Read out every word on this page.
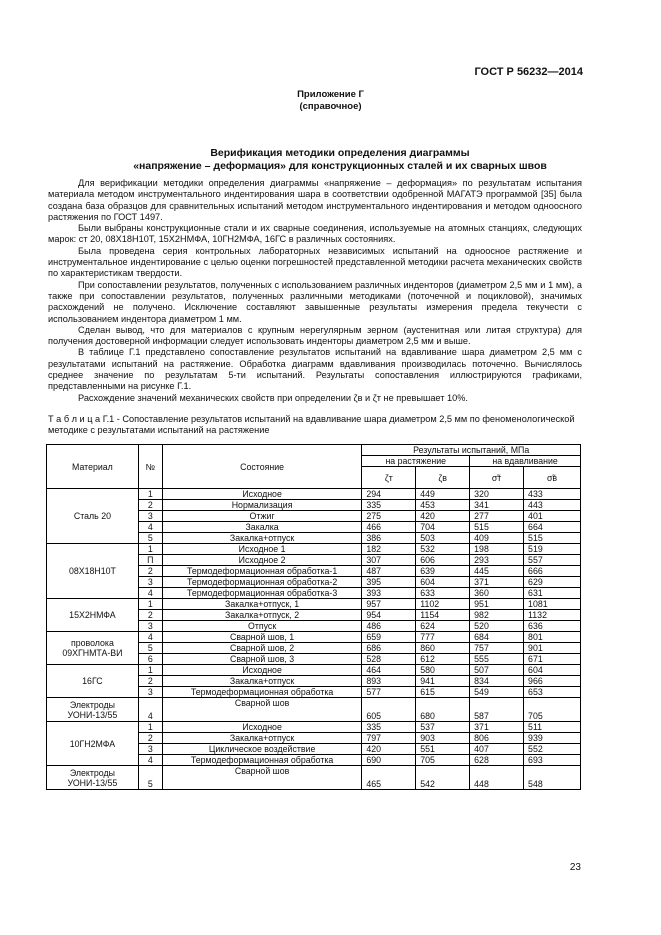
ГОСТ Р 56232—2014
Приложение Г
(справочное)
Верификация методики определения диаграммы
«напряжение – деформация» для конструкционных сталей и их сварных швов

Для верификации методики определения диаграммы «напряжение – деформация» по результатам испытания материала методом инструментального индентирования шара в соответствии одобренной МАГАТЭ программой [35] была создана база образцов для сравнительных испытаний методом инструментального индентирования и методом одноосного растяжения по ГОСТ 1497.

Были выбраны конструкционные стали и их сварные соединения, используемые на атомных станциях, следующих марок: ст 20, 08Х18Н10Т, 15Х2НМФА, 10ГН2МФА, 16ГС в различных состояниях.

Была проведена серия контрольных лабораторных независимых испытаний на одноосное растяжение и инструментальное индентирование с целью оценки погрешностей представленной методики расчета механических свойств по характеристикам твердости.

При сопоставлении результатов, полученных с использованием различных инденторов (диаметром 2,5 мм и 1 мм), а также при сопоставлении результатов, полученных различными методиками (поточечной и поцикловой), значимых расхождений не получено. Исключение составляют завышенные результаты измерения предела текучести с использованием индентора диаметром 1 мм.

Сделан вывод, что для материалов с крупным нерегулярным зерном (аустенитная или литая структура) для получения достоверной информации следует использовать инденторы диаметром 2,5 мм и выше.

В таблице Г.1 представлено сопоставление результатов испытаний на вдавливание шара диаметром 2,5 мм с результатами испытаний на растяжение. Обработка диаграмм вдавливания производилась поточечно. Вычислялось среднее значение по результатам 5-ти испытаний. Результаты сопоставления иллюстрируются графиками, представленными на рисунке Г.1.

Расхождение значений механических свойств при определении ζв и ζт не превышает 10%.

Т а б л и ц а Г.1 - Сопоставление результатов испытаний на вдавливание шара диаметром 2,5 мм по феноменологической методике с результатами испытаний на растяжение
Материал	№	Состояние	Результаты испытаний, МПа			
			на растяжение		на вдавливание	
			ζт	ζв	σ̃т	σ̃в
Сталь 20	1	Исходное	294	449	320	433
	2	Нормализация	335	453	341	443
	3	Отжиг	275	420	277	401
	4	Закалка	466	704	515	664
	5	Закалка+отпуск	386	503	409	515
08Х18Н10Т	1	Исходное 1	182	532	198	519
	П	Исходное 2	307	606	293	557
	2	Термодеформационная обработка-1	487	639	445	666
	3	Термодеформационная обработка-2	395	604	371	629
	4	Термодеформационная обработка-3	393	633	360	631
15Х2НМФА	1	Закалка+отпуск, 1	957	1102	951	1081
	2	Закалка+отпуск, 2	954	1154	982	1132
	3	Отпуск	486	624	520	636
проволока 09ХГНМТА-ВИ	4	Сварной шов, 1	659	777	684	801
	5	Сварной шов, 2	686	860	757	901
	6	Сварной шов, 3	528	612	555	671
16ГС	1	Исходное	464	580	507	604
	2	Закалка+отпуск	893	941	834	966
	3	Термодеформационная обработка	577	615	549	653
Электроды УОНИ-13/55	4	Сварной шов	605	680	587	705
10ГН2МФА	1	Исходное	335	537	371	511
	2	Закалка+отпуск	797	903	806	939
	3	Циклическое воздействие	420	551	407	552
	4	Термодеформационная обработка	690	705	628	693
Электроды УОНИ-13/55	5	Сварной шов	465	542	448	548
23
